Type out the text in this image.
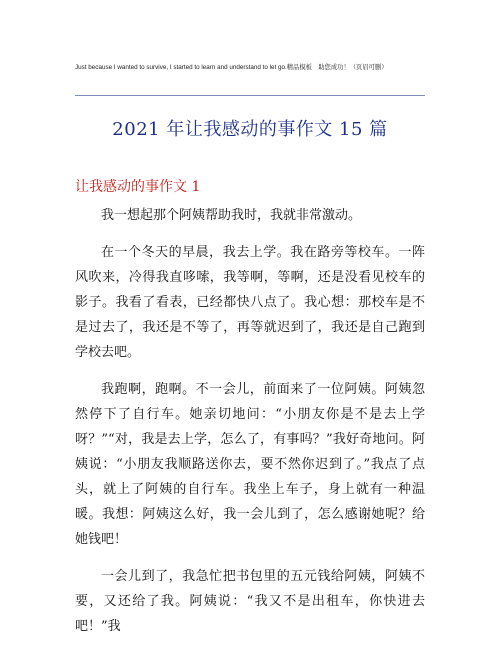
Just because I wanted to survive, I started to learn and understand to let go.精品模板　助您成功！（页眉可删）
2021 年让我感动的事作文 15 篇
让我感动的事作文 1

我一想起那个阿姨帮助我时，我就非常激动。

在一个冬天的早晨，我去上学。我在路旁等校车。一阵风吹来，冷得我直哆嗦，我等啊，等啊，还是没看见校车的影子。我看了看表，已经都快八点了。我心想：那校车是不是过去了，我还是不等了，再等就迟到了，我还是自己跑到学校去吧。

我跑啊，跑啊。不一会儿，前面来了一位阿姨。阿姨忽然停下了自行车。她亲切地问：“小朋友你是不是去上学呀？”“对，我是去上学，怎么了，有事吗？”我好奇地问。阿姨说：“小朋友我顺路送你去，要不然你迟到了。”我点了点头，就上了阿姨的自行车。我坐上车子，身上就有一种温暖。我想：阿姨这么好，我一会儿到了，怎么感谢她呢？给她钱吧！

一会儿到了，我急忙把书包里的五元钱给阿姨，阿姨不要，又还给了我。阿姨说：“我又不是出租车，你快进去吧！”我
